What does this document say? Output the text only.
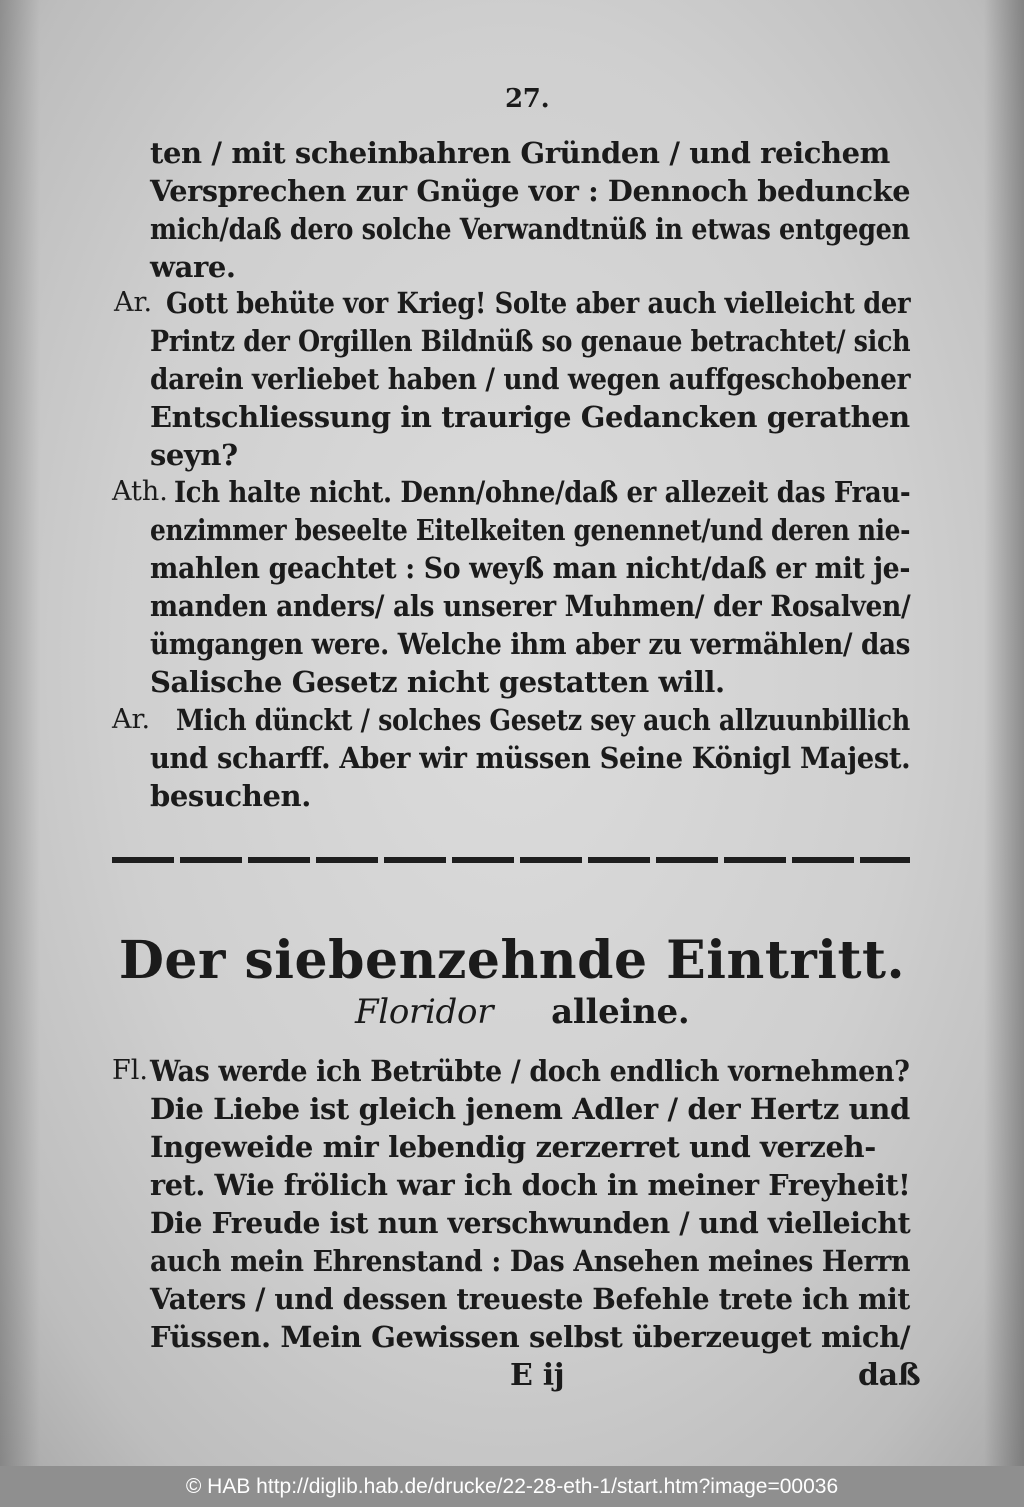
27.
ten / mit scheinbahren Gründen / und reichem
Versprechen zur Gnüge vor : Dennoch beduncke
mich/daß dero solche Verwandtnüß in etwas entgegen
ware.
Ar. Gott behüte vor Krieg! Solte aber auch vielleicht der
Printz der Orgillen Bildnüß so genaue betrachtet/ sich
darein verliebet haben / und wegen auffgeschobener
Entschliessung in traurige Gedancken gerathen
seyn?
Ath. Ich halte nicht. Denn/ohne/daß er allezeit das Frau-
enzimmer beseelte Eitelkeiten genennet/und deren nie-
mahlen geachtet : So weyß man nicht/daß er mit je-
manden anders/ als unserer Muhmen/ der Rosalven/
ümgangen were. Welche ihm aber zu vermählen/ das
Salische Gesetz nicht gestatten will.
Ar. Mich dünckt / solches Gesetz sey auch allzuunbillich
und scharff. Aber wir müssen Seine Königl Majest.
besuchen.
Der siebenzehnde Eintritt.
Floridor alleine.
Fl. Was werde ich Betrübte / doch endlich vornehmen?
Die Liebe ist gleich jenem Adler / der Hertz und
Ingeweide mir lebendig zerzerret und verzeh-
ret. Wie frölich war ich doch in meiner Freyheit!
Die Freude ist nun verschwunden / und vielleicht
auch mein Ehrenstand : Das Ansehen meines Herrn
Vaters / und dessen treueste Befehle trete ich mit
Füssen. Mein Gewissen selbst überzeuget mich/
E ij	daß
© HAB http://diglib.hab.de/drucke/22-28-eth-1/start.htm?image=00036
